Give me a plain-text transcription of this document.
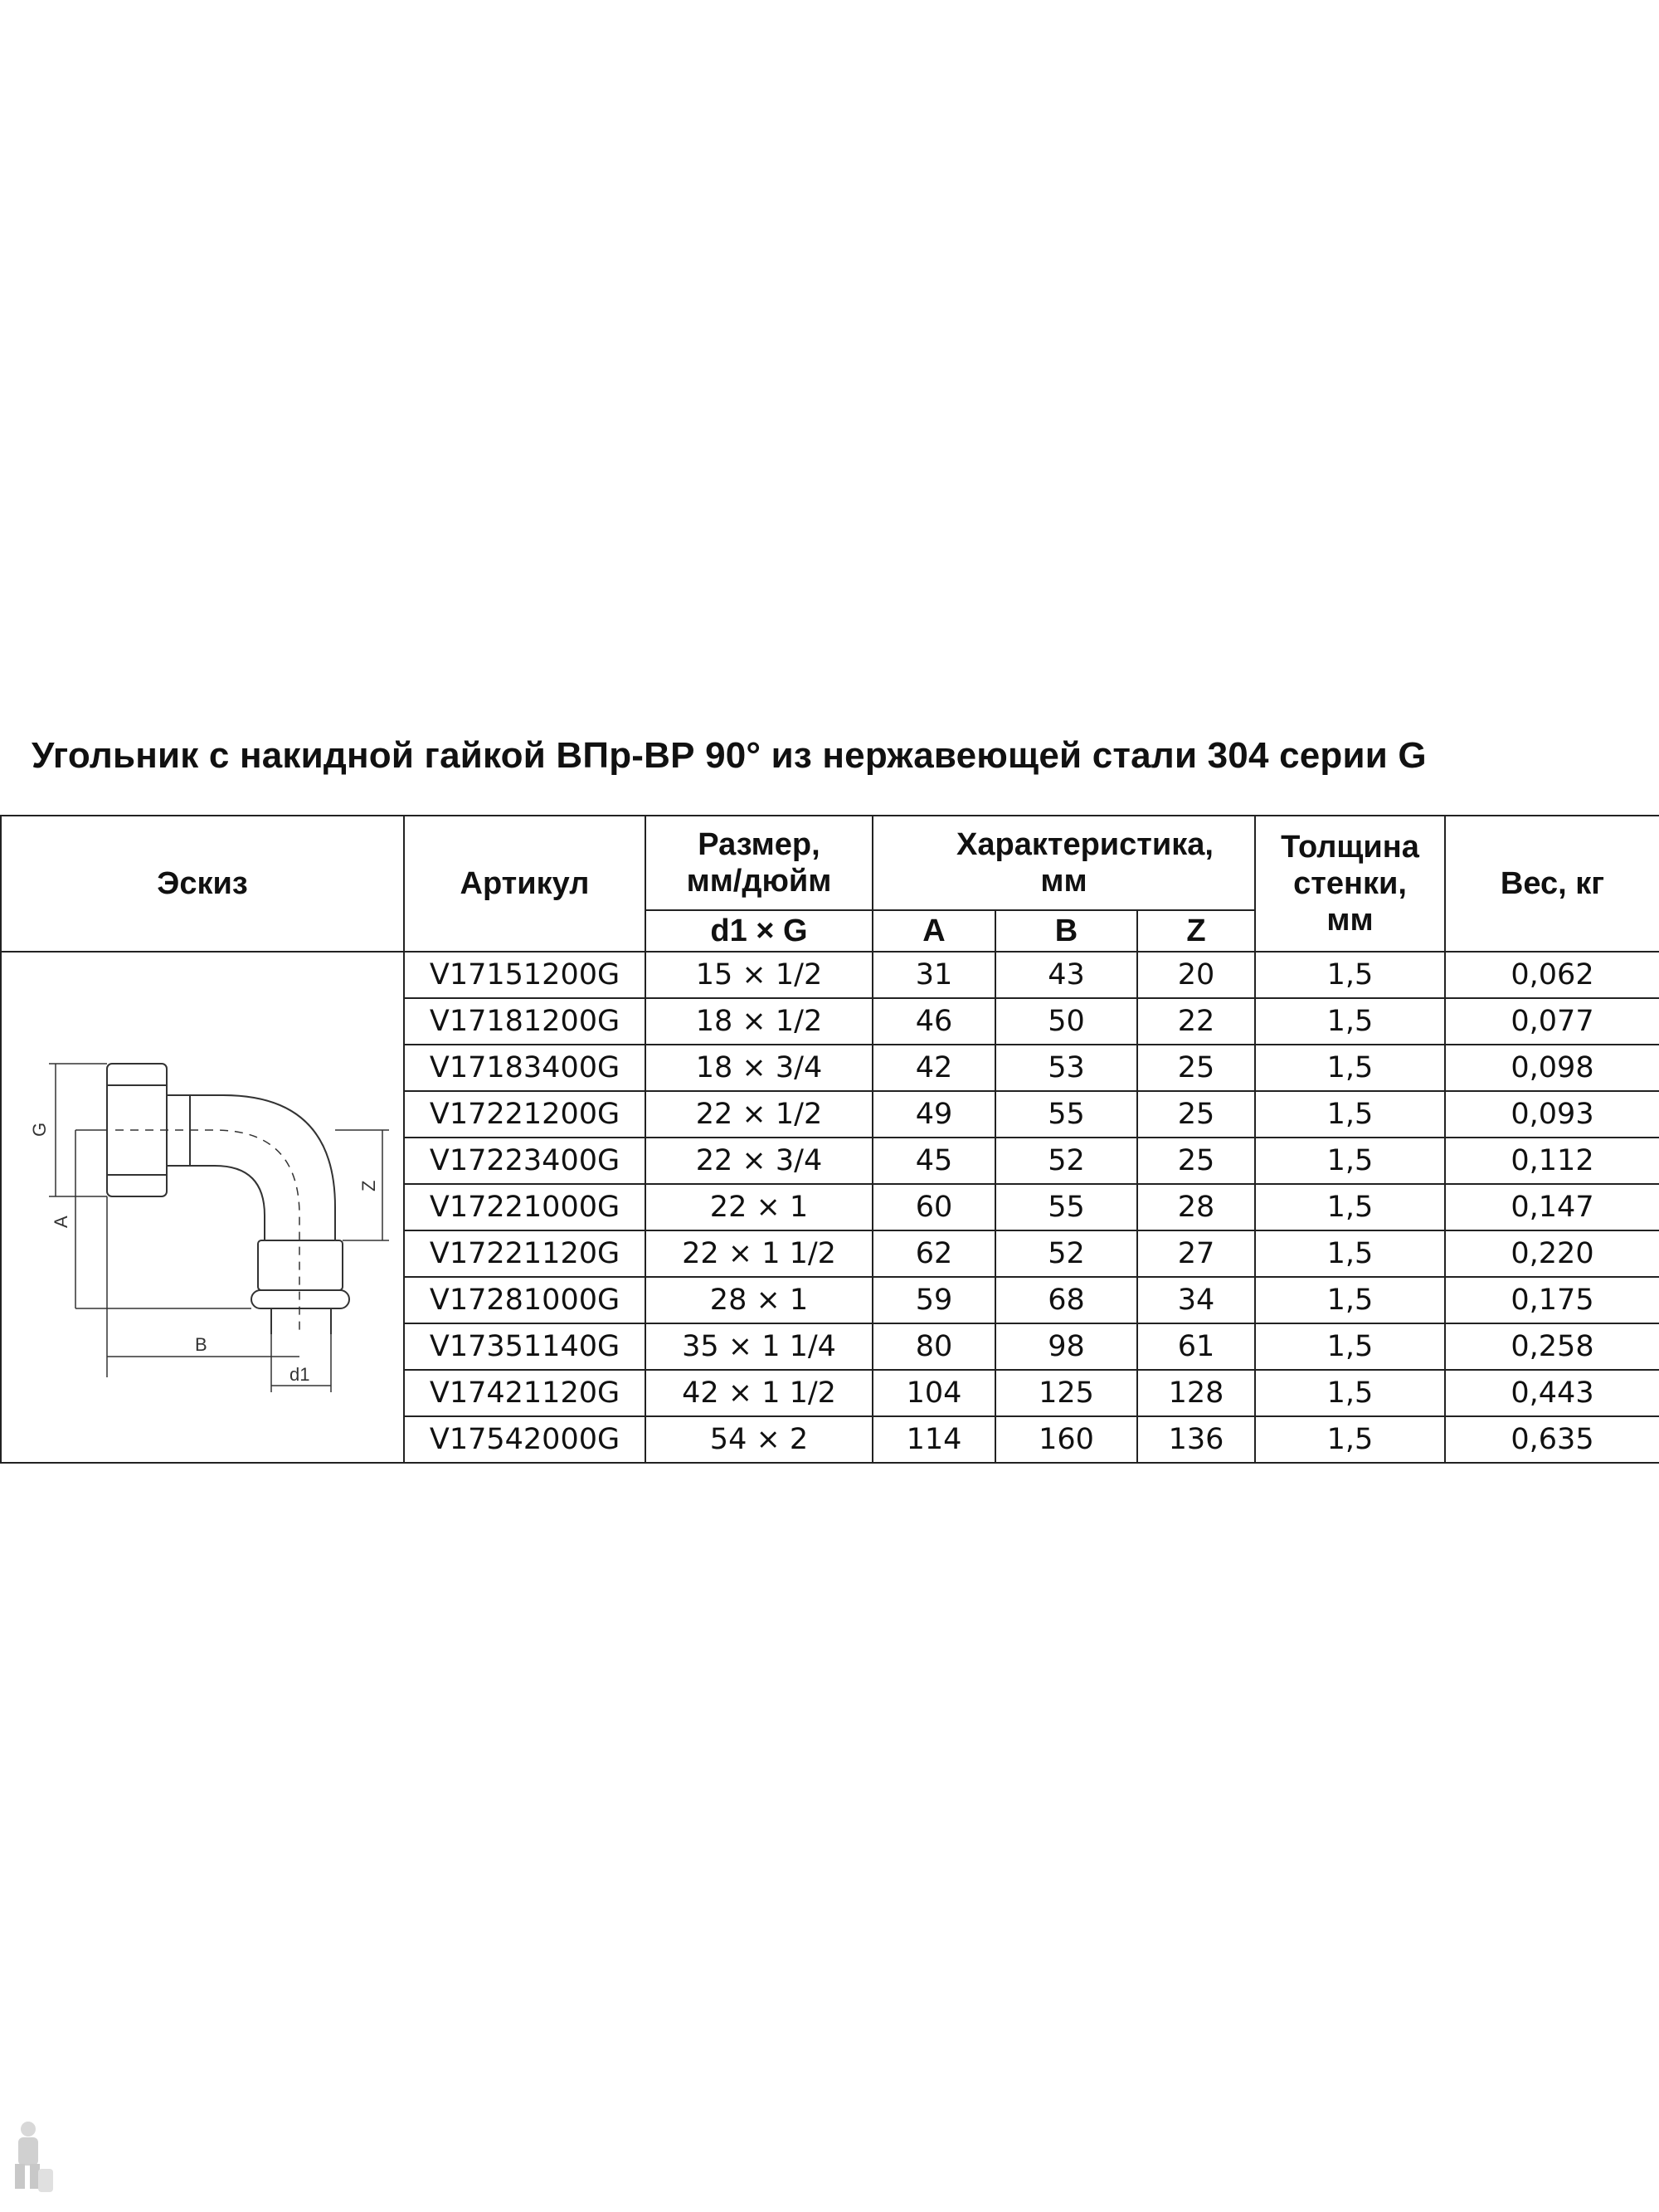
Угольник с накидной гайкой ВПр-ВР 90° из нержавеющей стали 304 серии G
Эскиз	Артикул	Размер, мм/дюйм	Характеристика, мм			Толщина стенки, мм	Вес, кг
		d1 × G	A	B	Z		

G
A
Z
B
d1	V17151200G	15 × 1/2	31	43	20	1,5	0,062
	V17181200G	18 × 1/2	46	50	22	1,5	0,077
	V17183400G	18 × 3/4	42	53	25	1,5	0,098
	V17221200G	22 × 1/2	49	55	25	1,5	0,093
	V17223400G	22 × 3/4	45	52	25	1,5	0,112
	V17221000G	22 × 1	60	55	28	1,5	0,147
	V17221120G	22 × 1 1/2	62	52	27	1,5	0,220
	V17281000G	28 × 1	59	68	34	1,5	0,175
	V17351140G	35 × 1 1/4	80	98	61	1,5	0,258
	V17421120G	42 × 1 1/2	104	125	128	1,5	0,443
	V17542000G	54 × 2	114	160	136	1,5	0,635
